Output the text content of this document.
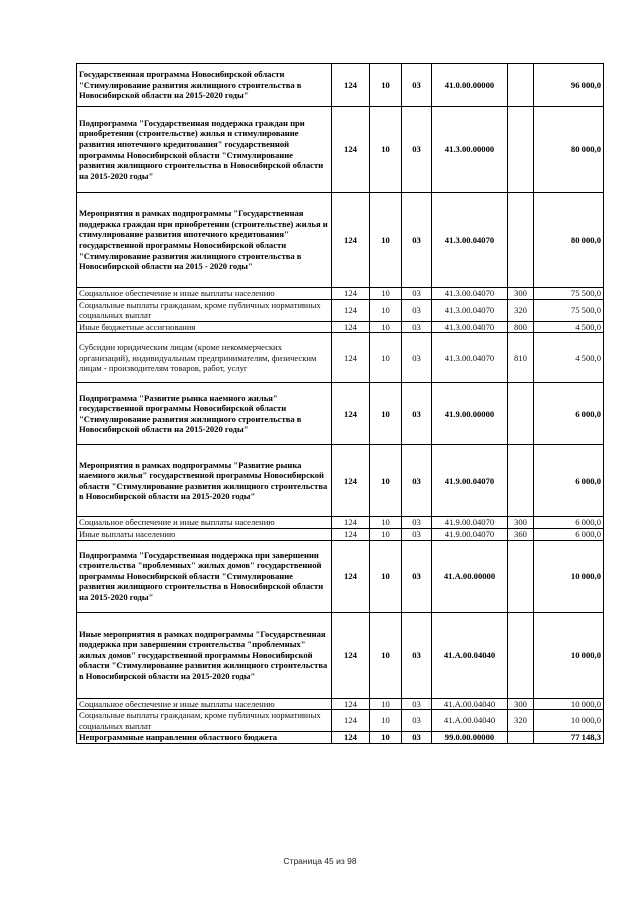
Государственная программа Новосибирской области "Стимулирование развития жилищного строительства в Новосибирской области на 2015-2020 годы"	124	10	03	41.0.00.00000		96 000,0
Подпрограмма "Государственная поддержка граждан при приобретении (строительстве) жилья и стимулирование развития ипотечного кредитования" государственной программы Новосибирской области "Стимулирование развития жилищного строительства в Новосибирской области на 2015-2020 годы"	124	10	03	41.3.00.00000		80 000,0
Мероприятия в рамках подпрограммы "Государственная поддержка граждан при приобретении (строительстве) жилья и стимулирование развития ипотечного кредитования" государственной программы Новосибирской области "Стимулирование развития жилищного строительства в Новосибирской области на 2015 - 2020 годы"	124	10	03	41.3.00.04070		80 000,0
Социальное обеспечение и иные выплаты населению	124	10	03	41.3.00.04070	300	75 500,0
Социальные выплаты гражданам, кроме публичных нормативных социальных выплат	124	10	03	41.3.00.04070	320	75 500,0
Иные бюджетные ассигнования	124	10	03	41.3.00.04070	800	4 500,0
Субсидии юридическим лицам (кроме некоммерческих организаций), индивидуальным предпринимателям, физическим лицам - производителям товаров, работ, услуг	124	10	03	41.3.00.04070	810	4 500,0
Подпрограмма "Развитие рынка наемного жилья" государственной программы Новосибирской области "Стимулирование развития жилищного строительства в Новосибирской области на 2015-2020 годы"	124	10	03	41.9.00.00000		6 000,0
Мероприятия в рамках подпрограммы "Развитие рынка наемного жилья" государственной программы Новосибирской области "Стимулирование развития жилищного строительства в Новосибирской области на 2015-2020 годы"	124	10	03	41.9.00.04070		6 000,0
Социальное обеспечение и иные выплаты населению	124	10	03	41.9.00.04070	300	6 000,0
Иные выплаты населению	124	10	03	41.9.00.04070	360	6 000,0
Подпрограмма "Государственная поддержка при завершении строительства "проблемных" жилых домов" государственной программы Новосибирской области "Стимулирование развития жилищного строительства в Новосибирской области на 2015-2020 годы"	124	10	03	41.А.00.00000		10 000,0
Иные мероприятия в рамках подпрограммы "Государственная поддержка при завершении строительства "проблемных" жилых домов" государственной программы Новосибирской области "Стимулирование развития жилищного строительства в Новосибирской области на 2015-2020 годы"	124	10	03	41.А.00.04040		10 000,0
Социальное обеспечение и иные выплаты населению	124	10	03	41.А.00.04040	300	10 000,0
Социальные выплаты гражданам, кроме публичных нормативных социальных выплат	124	10	03	41.А.00.04040	320	10 000,0
Непрограммные направления областного бюджета	124	10	03	99.0.00.00000		77 148,3
Страница 45 из 98
